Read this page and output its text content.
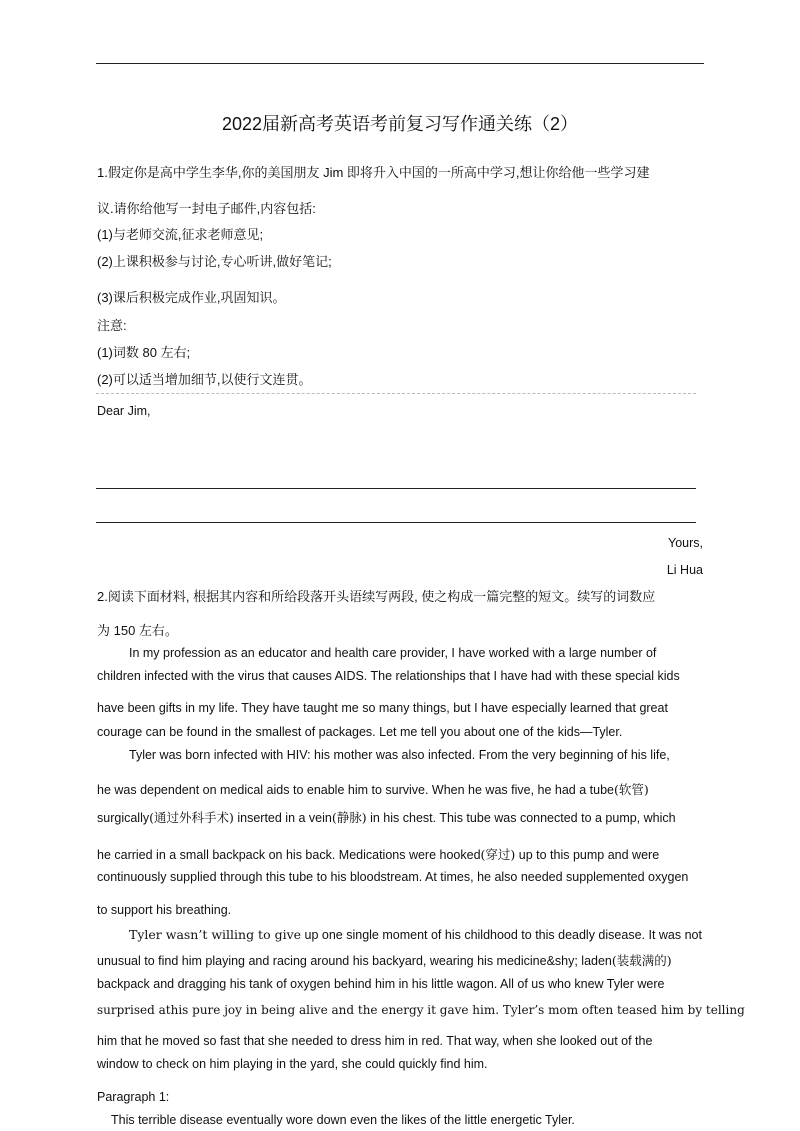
2022届新高考英语考前复习写作通关练（2）
1.假定你是高中学生李华,你的美国朋友 Jim 即将升入中国的一所高中学习,想让你给他一些学习建
议.请你给他写一封电子邮件,内容包括:
(1)与老师交流,征求老师意见;
(2)上课积极参与讨论,专心听讲,做好笔记;
(3)课后积极完成作业,巩固知识。
注意:
(1)词数 80 左右;
(2)可以适当增加细节,以使行文连贯。
Dear Jim,
Yours,
Li Hua
2.阅读下面材料, 根据其内容和所给段落开头语续写两段, 使之构成一篇完整的短文。续写的词数应
为 150 左右。
In my profession as an educator and health care provider, I have worked with a large number of
children infected with the virus that causes AIDS. The relationships that I have had with these special kids
have been gifts in my life. They have taught me so many things, but I have especially learned that great
courage can be found in the smallest of packages. Let me tell you about one of the kids—Tyler.
Tyler was born infected with HIV: his mother was also infected. From the very beginning of his life,
he was dependent on medical aids to enable him to survive. When he was five, he had a tube(软管)
surgically(通过外科手术) inserted in a vein(静脉) in his chest. This tube was connected to a pump, which
he carried in a small backpack on his back. Medications were hooked(穿过) up to this pump and were
continuously supplied through this tube to his bloodstream. At times, he also needed supplemented oxygen
to support his breathing.
Tyler wasn’t willing to give up one single moment of his childhood to this deadly disease. It was not
unusual to find him playing and racing around his backyard, wearing his medicine&shy; laden(装载满的)
backpack and dragging his tank of oxygen behind him in his little wagon. All of us who knew Tyler were
surprised athis pure joy in being alive and the energy it gave him. Tyler’s mom often teased him by telling
him that he moved so fast that she needed to dress him in red. That way, when she looked out of the
window to check on him playing in the yard, she could quickly find him.
Paragraph 1:
This terrible disease eventually wore down even the likes of the little energetic Tyler.
